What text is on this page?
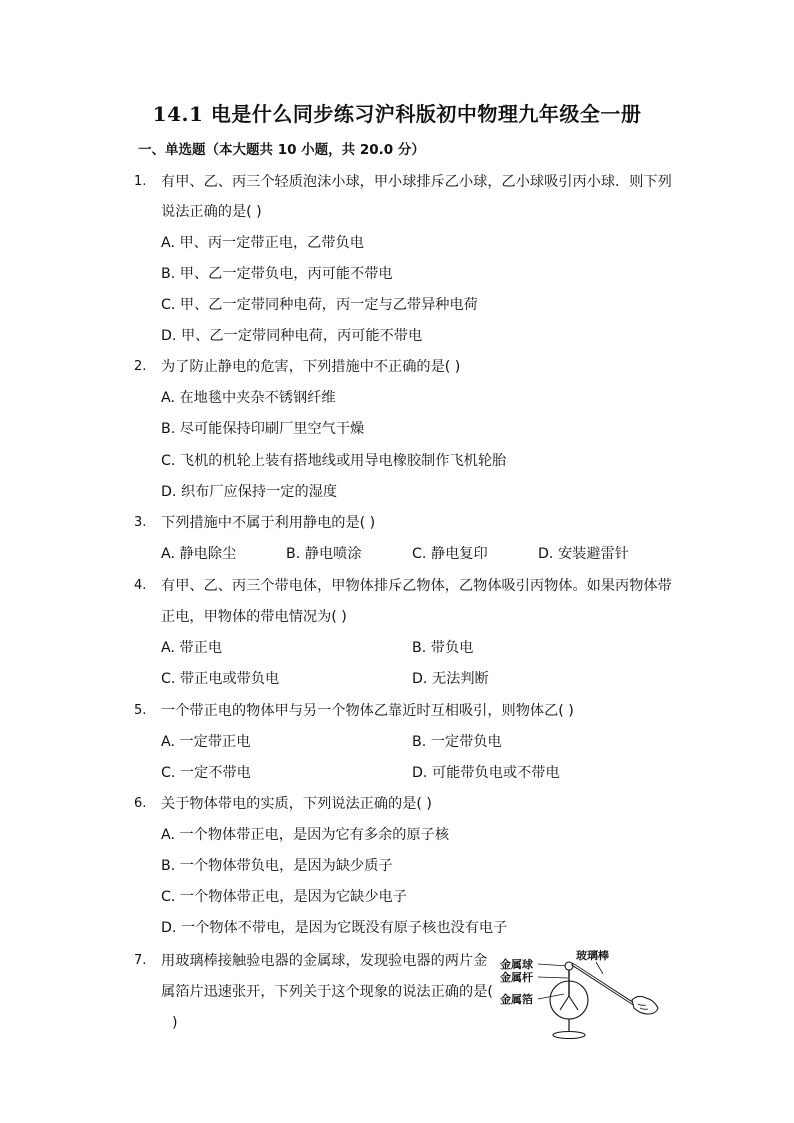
14.1 电是什么同步练习沪科版初中物理九年级全一册
一、单选题（本大题共 10 小题，共 20.0 分）
1. 有甲、乙、丙三个轻质泡沫小球，甲小球排斥乙小球，乙小球吸引丙小球．则下列
说法正确的是( )
A. 甲、丙一定带正电，乙带负电
B. 甲、乙一定带负电，丙可能不带电
C. 甲、乙一定带同种电荷，丙一定与乙带异种电荷
D. 甲、乙一定带同种电荷，丙可能不带电
2. 为了防止静电的危害，下列措施中不正确的是( )
A. 在地毯中夹杂不锈钢纤维
B. 尽可能保持印刷厂里空气干燥
C. 飞机的机轮上装有搭地线或用导电橡胶制作飞机轮胎
D. 织布厂应保持一定的湿度
3. 下列措施中不属于利用静电的是( )
A. 静电除尘	B. 静电喷涂	C. 静电复印	D. 安装避雷针
4. 有甲、乙、丙三个带电体，甲物体排斥乙物体，乙物体吸引丙物体。如果丙物体带
正电，甲物体的带电情况为( )
A. 带正电	B. 带负电
C. 带正电或带负电	D. 无法判断
5. 一个带正电的物体甲与另一个物体乙靠近时互相吸引，则物体乙( )
A. 一定带正电	B. 一定带负电
C. 一定不带电	D. 可能带负电或不带电
6. 关于物体带电的实质，下列说法正确的是( )
A. 一个物体带正电，是因为它有多余的原子核
B. 一个物体带负电，是因为缺少质子
C. 一个物体带正电，是因为它缺少电子
D. 一个物体不带电，是因为它既没有原子核也没有电子
7. 用玻璃棒接触验电器的金属球，发现验电器的两片金
属箔片迅速张开，下列关于这个现象的说法正确的是(
)
金属球
金属杆
金属箔
玻璃棒
